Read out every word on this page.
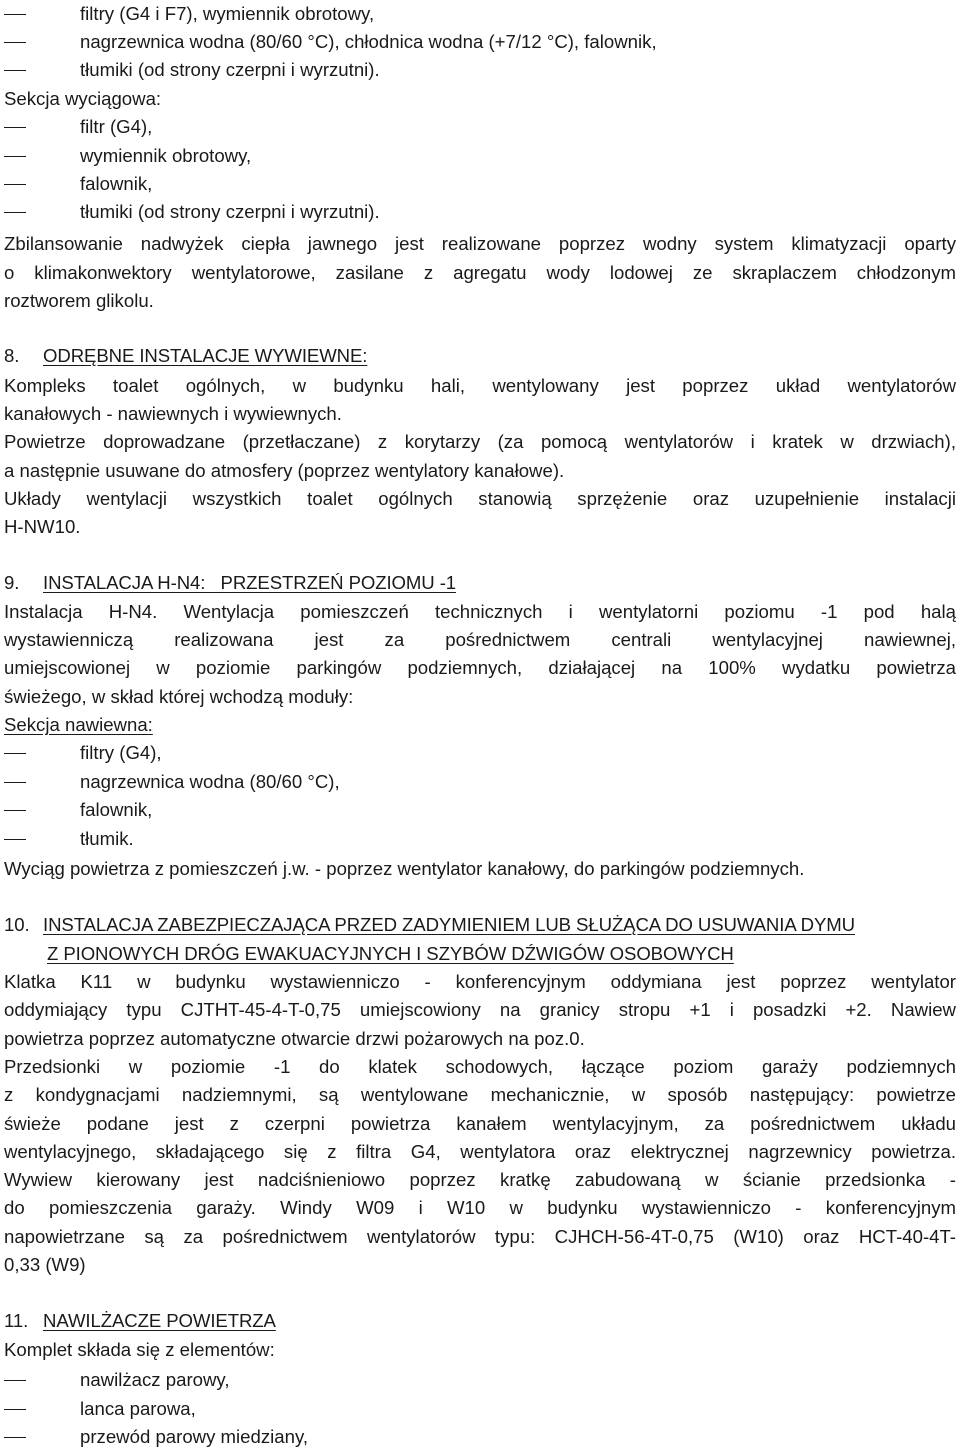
filtry (G4 i F7), wymiennik obrotowy,
nagrzewnica wodna (80/60 °C), chłodnica wodna (+7/12 °C), falownik,
tłumiki (od strony czerpni i wyrzutni).
Sekcja wyciągowa:
filtr (G4),
wymiennik obrotowy,
falownik,
tłumiki (od strony czerpni i wyrzutni).
Zbilansowanie nadwyżek ciepła jawnego jest realizowane poprzez wodny system klimatyzacji oparty
o klimakonwektory wentylatorowe, zasilane z agregatu wody lodowej ze skraplaczem chłodzonym
roztworem glikolu.
8. ODRĘBNE INSTALACJE WYWIEWNE:
Kompleks toalet ogólnych, w budynku hali, wentylowany jest poprzez układ wentylatorów
kanałowych - nawiewnych i wywiewnych.
Powietrze doprowadzane (przetłaczane) z korytarzy (za pomocą wentylatorów i kratek w drzwiach),
a następnie usuwane do atmosfery (poprzez wentylatory kanałowe).
Układy wentylacji wszystkich toalet ogólnych stanowią sprzężenie oraz uzupełnienie instalacji
H-NW10.
9. INSTALACJA H-N4:   PRZESTRZEŃ POZIOMU -1
Instalacja H-N4. Wentylacja pomieszczeń technicznych i wentylatorni poziomu -1 pod halą
wystawienniczą realizowana jest za pośrednictwem centrali wentylacyjnej nawiewnej,
umiejscowionej w poziomie parkingów podziemnych, działającej na 100% wydatku powietrza
świeżego, w skład której wchodzą moduły:
Sekcja nawiewna:
filtry (G4),
nagrzewnica wodna (80/60 °C),
falownik,
tłumik.
Wyciąg powietrza z pomieszczeń j.w. - poprzez wentylator kanałowy, do parkingów podziemnych.
10. INSTALACJA ZABEZPIECZAJĄCA PRZED ZADYMIENIEM LUB SŁUŻĄCA DO USUWANIA DYMU
Z PIONOWYCH DRÓG EWAKUACYJNYCH I SZYBÓW DŹWIGÓW OSOBOWYCH
Klatka K11 w budynku wystawienniczo - konferencyjnym oddymiana jest poprzez wentylator
oddymiający typu CJTHT-45-4-T-0,75 umiejscowiony na granicy stropu +1 i posadzki +2. Nawiew
powietrza poprzez automatyczne otwarcie drzwi pożarowych na poz.0.
Przedsionki w poziomie -1 do klatek schodowych, łączące poziom garaży podziemnych
z kondygnacjami nadziemnymi, są wentylowane mechanicznie, w sposób następujący: powietrze
świeże podane jest z czerpni powietrza kanałem wentylacyjnym, za pośrednictwem układu
wentylacyjnego, składającego się z filtra G4, wentylatora oraz elektrycznej nagrzewnicy powietrza.
Wywiew kierowany jest nadciśnieniowo poprzez kratkę zabudowaną w ścianie przedsionka -
do pomieszczenia garaży. Windy W09 i W10 w budynku wystawienniczo - konferencyjnym
napowietrzane są za pośrednictwem wentylatorów typu: CJHCH-56-4T-0,75 (W10) oraz HCT-40-4T-
0,33 (W9)
11. NAWILŻACZE POWIETRZA
Komplet składa się z elementów:
nawilżacz parowy,
lanca parowa,
przewód parowy miedziany,
